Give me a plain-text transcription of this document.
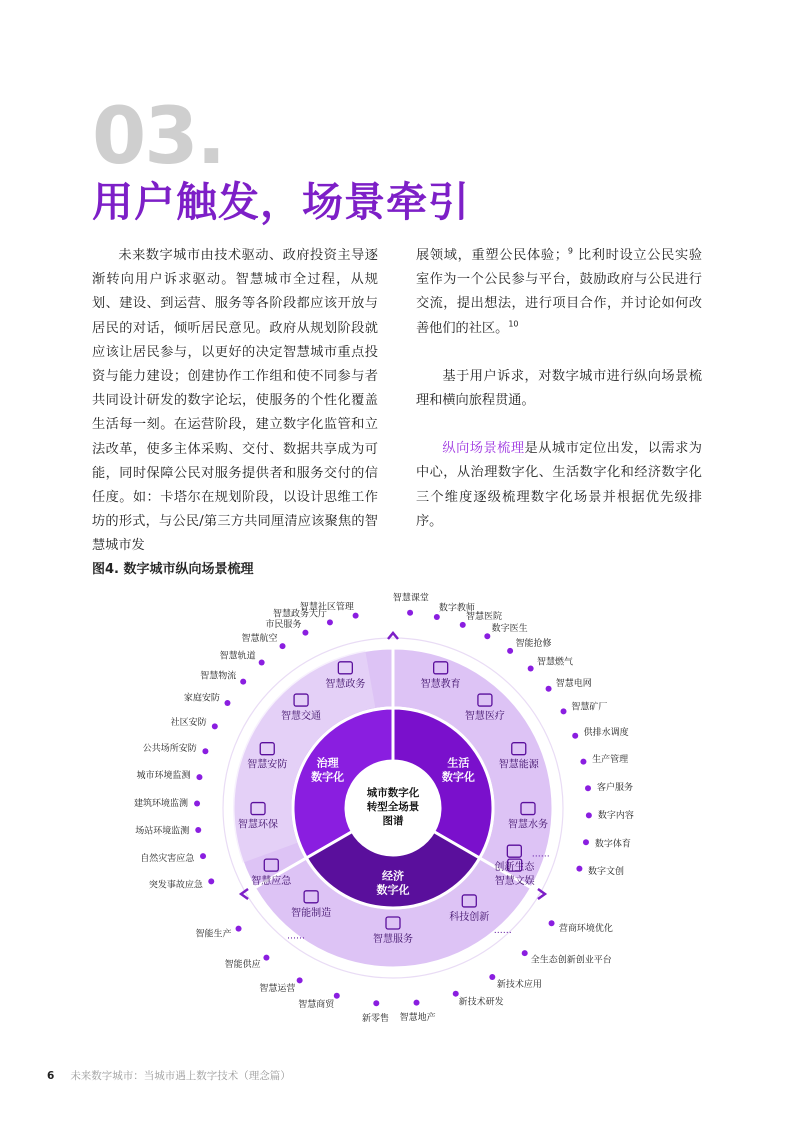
03.
用户触发，场景牵引

未来数字城市由技术驱动、政府投资主导逐渐转向用户诉求驱动。智慧城市全过程，从规划、建设、到运营、服务等各阶段都应该开放与居民的对话，倾听居民意见。政府从规划阶段就应该让居民参与，以更好的决定智慧城市重点投资与能力建设；创建协作工作组和使不同参与者共同设计研发的数字论坛，使服务的个性化覆盖生活每一刻。在运营阶段，建立数字化监管和立法改革，使多主体采购、交付、数据共享成为可能，同时保障公民对服务提供者和服务交付的信任度。如：卡塔尔在规划阶段，以设计思维工作坊的形式，与公民/第三方共同厘清应该聚焦的智慧城市发

展领域，重塑公民体验；$^9$ 比利时设立公民实验室作为一个公民参与平台，鼓励政府与公民进行交流，提出想法，进行项目合作，并讨论如何改善他们的社区。$^{10}$

基于用户诉求，对数字城市进行纵向场景梳理和横向旅程贯通。

纵向场景梳理是从城市定位出发，以需求为中心，从治理数字化、生活数字化和经济数字化三个维度逐级梳理数字化场景并根据优先级排序。

图4. 数字城市纵向场景梳理
城市数字化
转型全场景
图谱
治理
数字化
生活
数字化
经济
数字化
智慧政务
智慧交通
智慧安防
智慧环保
智慧应急
……
智慧教育
智慧医疗
智慧能源
智慧水务
智慧文娱
……
创新生态
科技创新
智慧服务
智能制造
……
智慧社区管理
智慧政务大厅
市民服务
智慧航空
智慧轨道
智慧物流
家庭安防
社区安防
公共场所安防
城市环境监测
建筑环境监测
场站环境监测
自然灾害应急
突发事故应急
智慧课堂
数字教师
智慧医院
数字医生
智能抢修
智慧燃气
智慧电网
智慧矿厂
供排水调度
生产管理
客户服务
数字内容
数字体育
数字文创
营商环境优化
全生态创新创业平台
新技术应用
新技术研发
智慧地产
新零售
智慧商贸
智慧运营
智能供应
智能生产
6 未来数字城市：当城市遇上数字技术（理念篇）
